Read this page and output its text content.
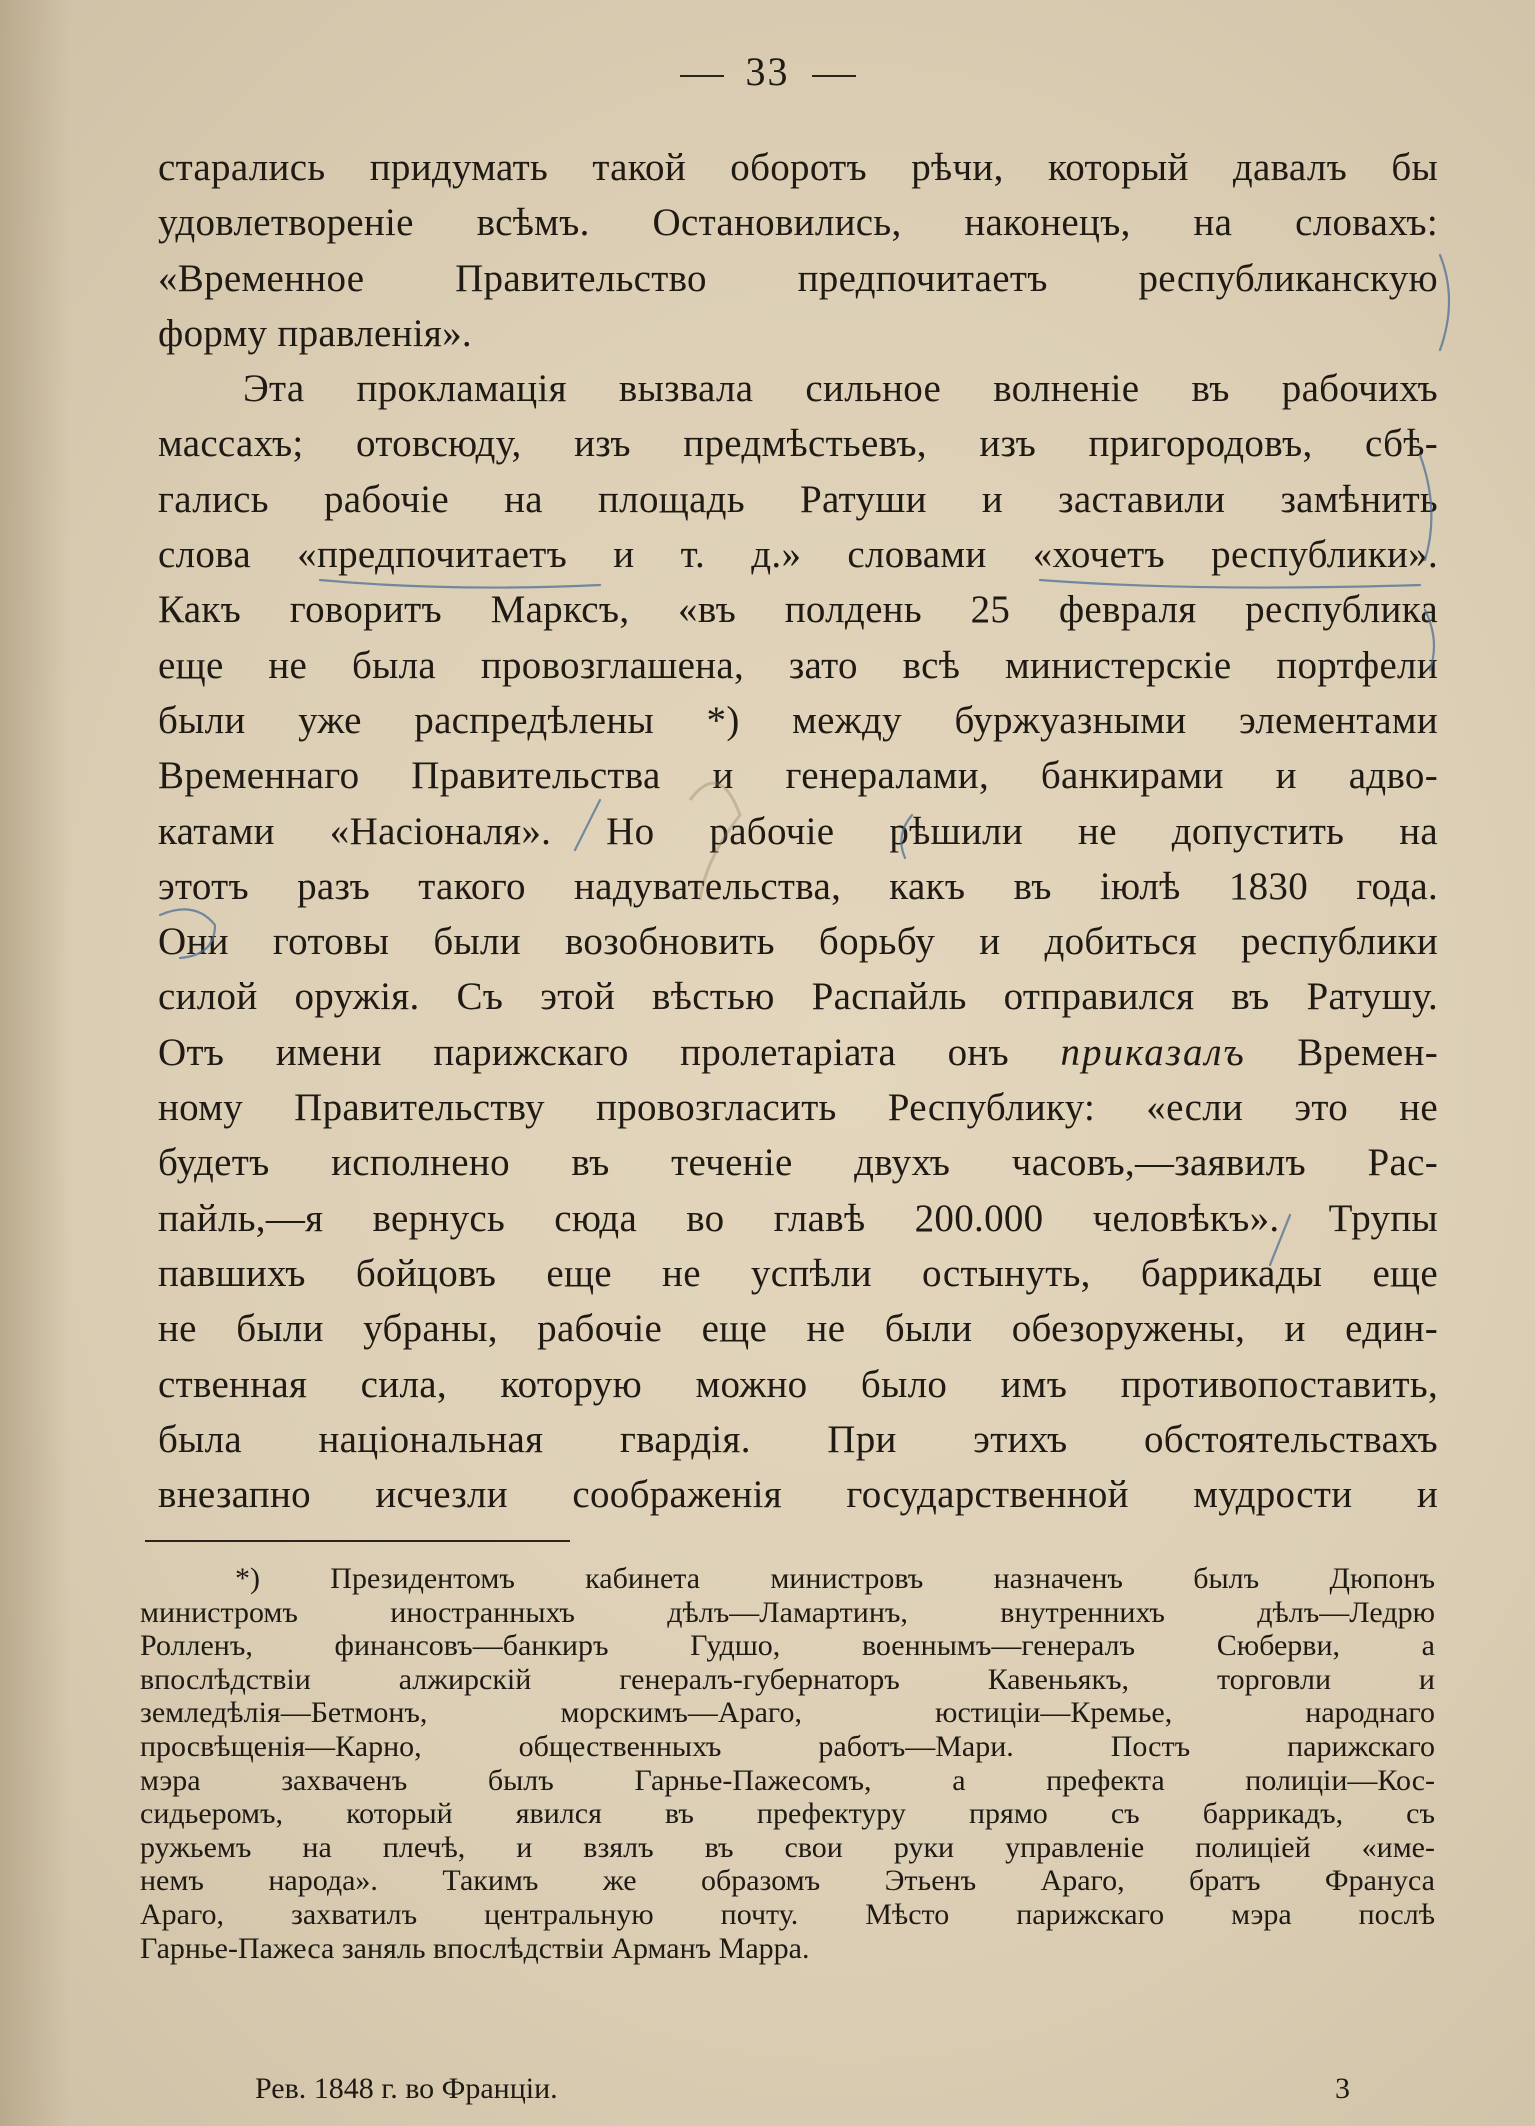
33
старались придумать такой оборотъ рѣчи, который давалъ бы
удовлетвореніе всѣмъ. Остановились, наконецъ, на словахъ:
«Временное Правительство предпочитаетъ республиканскую
форму правленія».
Эта прокламація вызвала сильное волненіе въ рабочихъ
массахъ; отовсюду, изъ предмѣстьевъ, изъ пригородовъ, сбѣ-
гались рабочіе на площадь Ратуши и заставили замѣнить
слова «предпочитаетъ и т. д.» словами «хочетъ республики».
Какъ говоритъ Марксъ, «въ полдень 25 февраля республика
еще не была провозглашена, зато всѣ министерскіе портфели
были уже распредѣлены *) между буржуазными элементами
Временнаго Правительства и генералами, банкирами и адво-
катами «Насіоналя». Но рабочіе рѣшили не допустить на
этотъ разъ такого надувательства, какъ въ іюлѣ 1830 года.
Они готовы были возобновить борьбу и добиться республики
силой оружія. Съ этой вѣстью Распайль отправился въ Ратушу.
Отъ имени парижскаго пролетаріата онъ приказалъ Времен-
ному Правительству провозгласить Республику: «если это не
будетъ исполнено въ теченіе двухъ часовъ,—заявилъ Рас-
пайль,—я вернусь сюда во главѣ 200.000 человѣкъ». Трупы
павшихъ бойцовъ еще не успѣли остынуть, баррикады еще
не были убраны, рабочіе еще не были обезоружены, и един-
ственная сила, которую можно было имъ противопоставить,
была національная гвардія. При этихъ обстоятельствахъ
внезапно исчезли соображенія государственной мудрости и
*) Президентомъ кабинета министровъ назначенъ былъ Дюпонъ
министромъ иностранныхъ дѣлъ—Ламартинъ, внутреннихъ дѣлъ—Ледрю
Ролленъ, финансовъ—банкиръ Гудшо, военнымъ—генералъ Сюберви, а
впослѣдствіи алжирскій генералъ-губернаторъ Кавеньякъ, торговли и
земледѣлія—Бетмонъ, морскимъ—Араго, юстиціи—Кремье, народнаго
просвѣщенія—Карно, общественныхъ работъ—Мари. Постъ парижскаго
мэра захваченъ былъ Гарнье-Пажесомъ, а префекта полиціи—Кос-
сидьеромъ, который явился въ префектуру прямо съ баррикадъ, съ
ружьемъ на плечѣ, и взялъ въ свои руки управленіе полиціей «име-
немъ народа». Такимъ же образомъ Этьенъ Араго, братъ Франуса
Араго, захватилъ центральную почту. Мѣсто парижскаго мэра послѣ
Гарнье-Пажеса заняль впослѣдствіи Арманъ Марра.
Рев. 1848 г. во Франціи.	3
